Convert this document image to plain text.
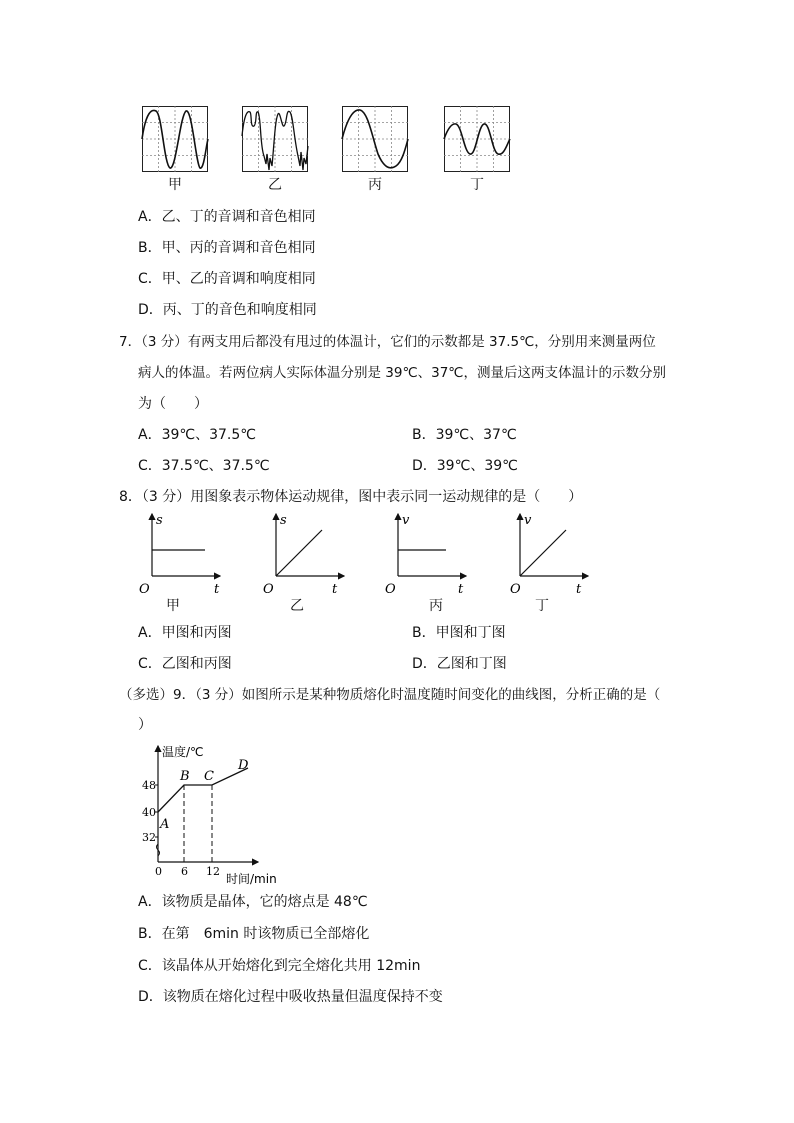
甲	乙	丙	丁
A．乙、丁的音调和音色相同
B．甲、丙的音调和音色相同
C．甲、乙的音调和响度相同
D．丙、丁的音色和响度相同
7．（3 分）有两支用后都没有甩过的体温计，它们的示数都是 37.5℃，分别用来测量两位
病人的体温。若两位病人实际体温分别是 39℃、37℃，测量后这两支体温计的示数分别
为（　　）
A．39℃、37.5℃	B．39℃、37℃
C．37.5℃、37.5℃	D．39℃、39℃
8．（3 分）用图象表示物体运动规律，图中表示同一运动规律的是（　　）
s
O	t
甲
s
O	t
乙
v
O	t
丙
v
O	t
丁
A．甲图和丙图	B．甲图和丁图
C．乙图和丙图	D．乙图和丁图
（多选）9．（3 分）如图所示是某种物质熔化时温度随时间变化的曲线图，分析正确的是（
）
温度/℃
48
40
32
0 6 12
时间/min
A
B C
D
A．该物质是晶体，它的熔点是 48℃
B．在第　6min 时该物质已全部熔化
C．该晶体从开始熔化到完全熔化共用 12min
D．该物质在熔化过程中吸收热量但温度保持不变
